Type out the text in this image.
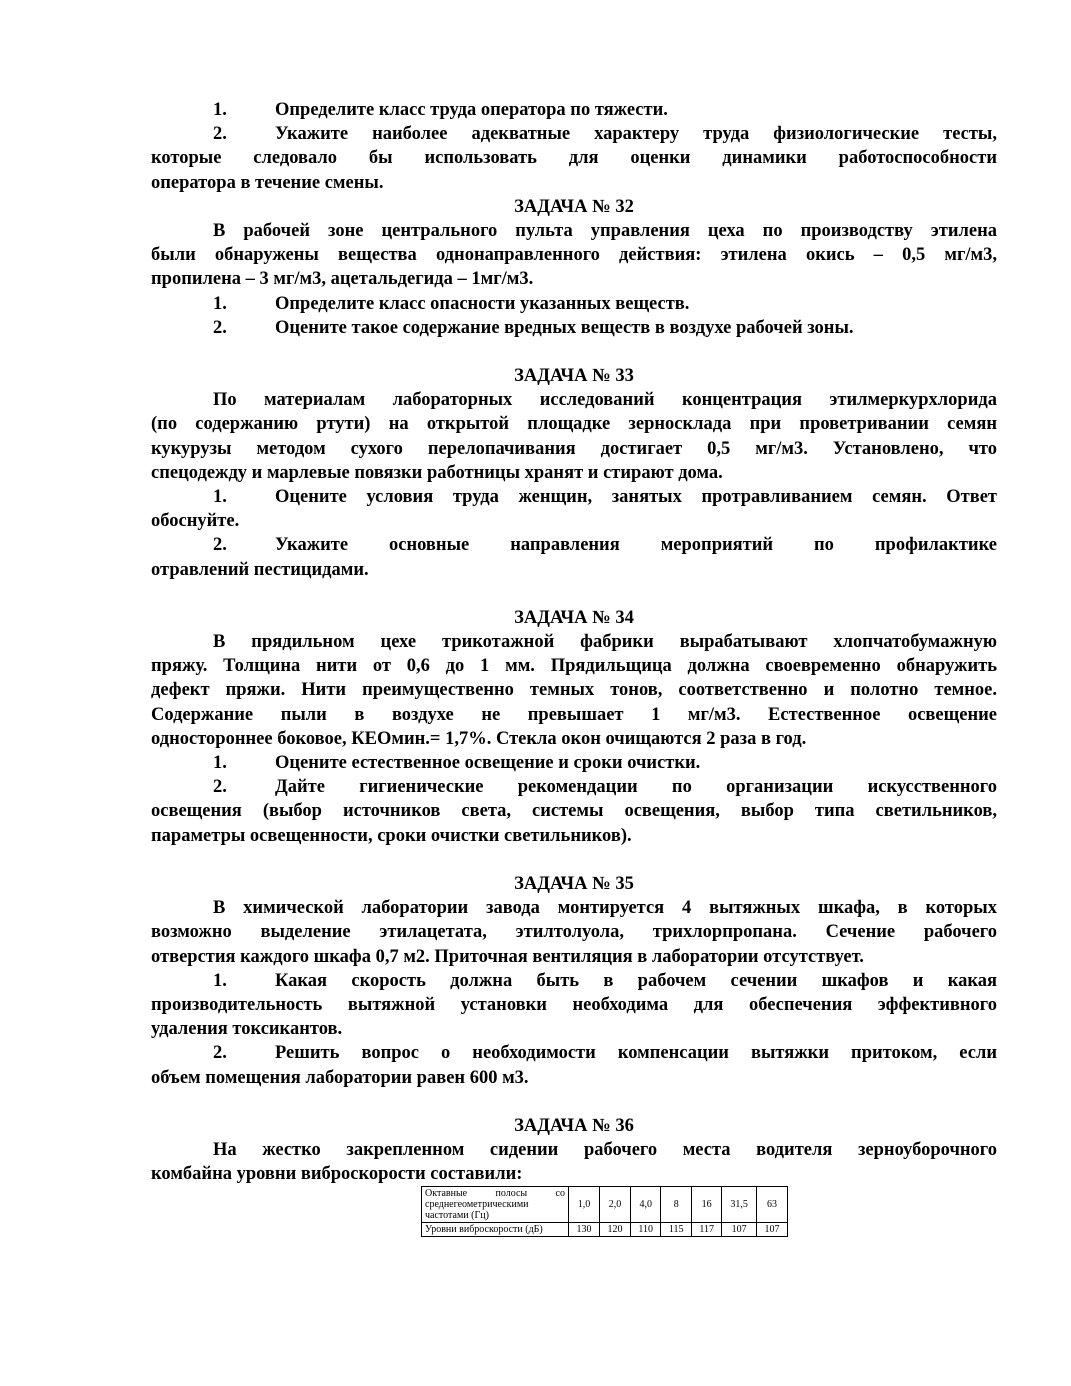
1.	Определите класс труда оператора по тяжести.
2.	Укажите наиболее адекватные характеру труда физиологические тесты,
которые следовало бы использовать для оценки динамики работоспособности
оператора в течение смены.
ЗАДАЧА № 32
В рабочей зоне центрального пульта управления цеха по производству этилена
были обнаружены вещества однонаправленного действия: этилена окись – 0,5 мг/м3,
пропилена – 3 мг/м3, ацетальдегида – 1мг/м3.
1.	Определите класс опасности указанных веществ.
2.	Оцените такое содержание вредных веществ в воздухе рабочей зоны.
ЗАДАЧА № 33
По материалам лабораторных исследований концентрация этилмеркурхлорида
(по содержанию ртути) на открытой площадке зерносклада при проветривании семян
кукурузы методом сухого перелопачивания достигает 0,5 мг/м3. Установлено, что
спецодежду и марлевые повязки работницы хранят и стирают дома.
1.	Оцените условия труда женщин, занятых протравливанием семян. Ответ
обоснуйте.
2.	Укажите основные направления мероприятий по профилактике
отравлений пестицидами.
ЗАДАЧА № 34
В прядильном цехе трикотажной фабрики вырабатывают хлопчатобумажную
пряжу. Толщина нити от 0,6 до 1 мм. Прядильщица должна своевременно обнаружить
дефект пряжи. Нити преимущественно темных тонов, соответственно и полотно темное.
Содержание пыли в воздухе не превышает 1 мг/м3. Естественное освещение
одностороннее боковое, КЕОмин.= 1,7%. Стекла окон очищаются 2 раза в год.
1.	Оцените естественное освещение и сроки очистки.
2.	Дайте гигиенические рекомендации по организации искусственного
освещения (выбор источников света, системы освещения, выбор типа светильников,
параметры освещенности, сроки очистки светильников).
ЗАДАЧА № 35
В химической лаборатории завода монтируется 4 вытяжных шкафа, в которых
возможно выделение этилацетата, этилтолуола, трихлорпропана. Сечение рабочего
отверстия каждого шкафа 0,7 м2. Приточная вентиляция в лаборатории отсутствует.
1.	Какая скорость должна быть в рабочем сечении шкафов и какая
производительность вытяжной установки необходима для обеспечения эффективного
удаления токсикантов.
2.	Решить вопрос о необходимости компенсации вытяжки притоком, если
объем помещения лаборатории равен 600 м3.
ЗАДАЧА № 36
На жестко закрепленном сидении рабочего места водителя зерноуборочного
комбайна уровни виброскорости составили:
Октавные полосы со среднегеометрическими частотами (Гц)	1,0	2,0	4,0	8	16	31,5	63
Уровни виброскорости (дБ)	130	120	110	115	117	107	107
